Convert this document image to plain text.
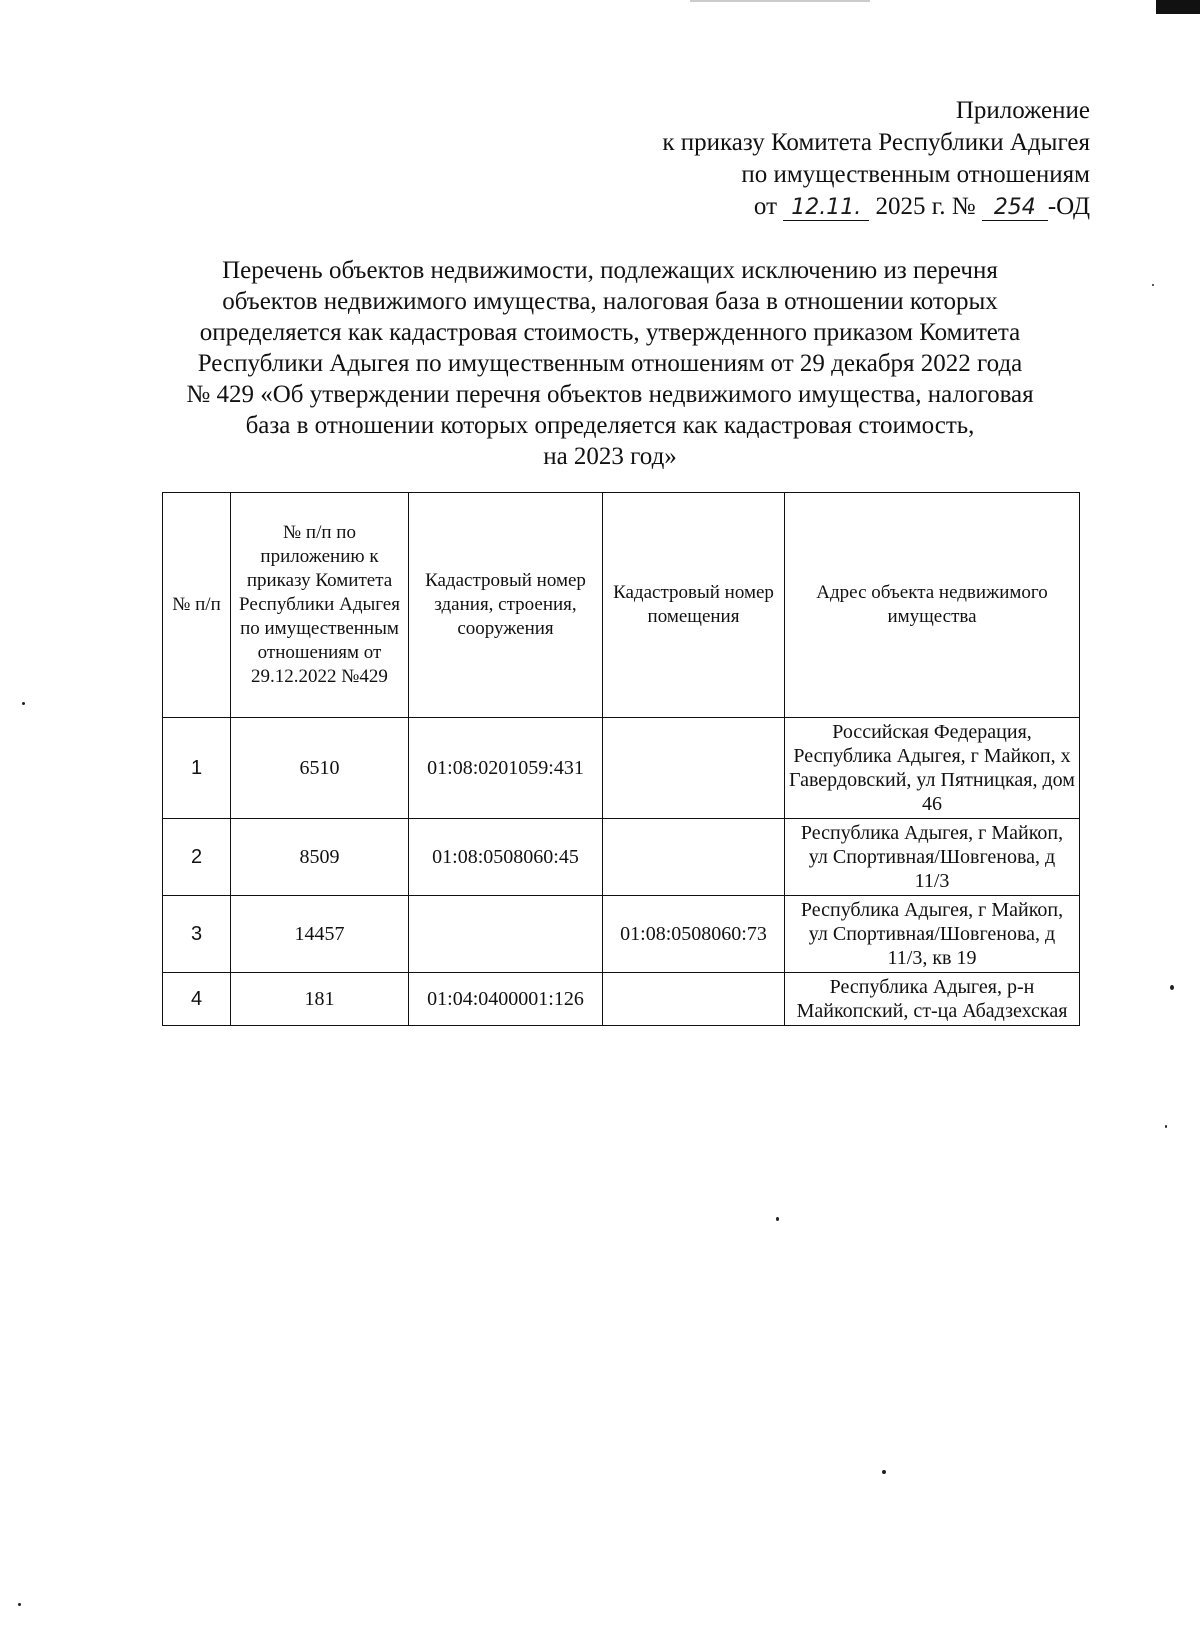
Приложение
к приказу Комитета Республики Адыгея
по имущественным отношениям
от 12.11. 2025 г. № 254 -ОД
Перечень объектов недвижимости, подлежащих исключению из перечня
объектов недвижимого имущества, налоговая база в отношении которых
определяется как кадастровая стоимость, утвержденного приказом Комитета
Республики Адыгея по имущественным отношениям от 29 декабря 2022 года
№ 429 «Об утверждении перечня объектов недвижимого имущества, налоговая
база в отношении которых определяется как кадастровая стоимость,
на 2023 год»
№ п/п	№ п/п по приложению к приказу Комитета Республики Адыгея по имущественным отношениям от 29.12.2022 №429	Кадастровый номер здания, строения, сооружения	Кадастровый номер помещения	Адрес объекта недвижимого имущества
1	6510	01:08:0201059:431		Российская Федерация, Республика Адыгея, г Майкоп, х Гавердовский, ул Пятницкая, дом 46
2	8509	01:08:0508060:45		Республика Адыгея, г Майкоп, ул Спортивная/Шовгенова, д 11/3
3	14457		01:08:0508060:73	Республика Адыгея, г Майкоп, ул Спортивная/Шовгенова, д 11/3, кв 19
4	181	01:04:0400001:126		Республика Адыгея, р-н Майкопский, ст-ца Абадзехская
